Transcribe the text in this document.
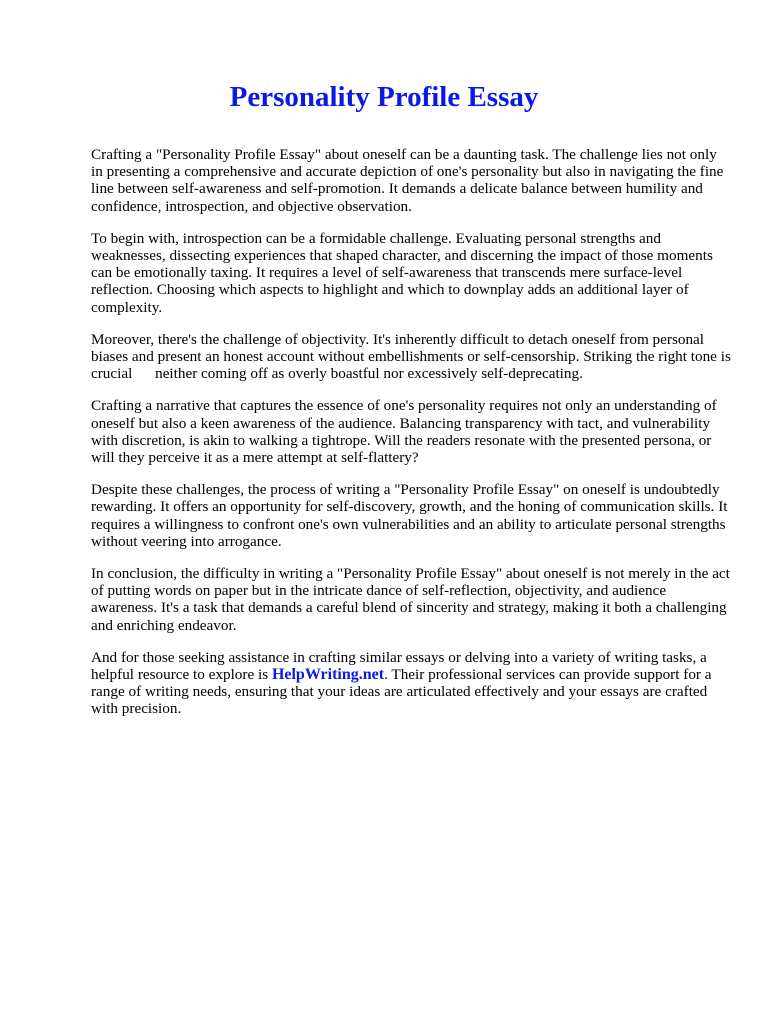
Personality Profile Essay

Crafting a "Personality Profile Essay" about oneself can be a daunting task. The challenge lies not only in presenting a comprehensive and accurate depiction of one's personality but also in navigating the fine line between self-awareness and self-promotion. It demands a delicate balance between humility and confidence, introspection, and objective observation.

To begin with, introspection can be a formidable challenge. Evaluating personal strengths and weaknesses, dissecting experiences that shaped character, and discerning the impact of those moments can be emotionally taxing. It requires a level of self-awareness that transcends mere surface-level reflection. Choosing which aspects to highlight and which to downplay adds an additional layer of complexity.

Moreover, there's the challenge of objectivity. It's inherently difficult to detach oneself from personal biases and present an honest account without embellishments or self-censorship. Striking the right tone is crucial      neither coming off as overly boastful nor excessively self-deprecating.

Crafting a narrative that captures the essence of one's personality requires not only an understanding of oneself but also a keen awareness of the audience. Balancing transparency with tact, and vulnerability with discretion, is akin to walking a tightrope. Will the readers resonate with the presented persona, or will they perceive it as a mere attempt at self-flattery?

Despite these challenges, the process of writing a "Personality Profile Essay" on oneself is undoubtedly rewarding. It offers an opportunity for self-discovery, growth, and the honing of communication skills. It requires a willingness to confront one's own vulnerabilities and an ability to articulate personal strengths without veering into arrogance.

In conclusion, the difficulty in writing a "Personality Profile Essay" about oneself is not merely in the act of putting words on paper but in the intricate dance of self-reflection, objectivity, and audience awareness. It's a task that demands a careful blend of sincerity and strategy, making it both a challenging and enriching endeavor.

And for those seeking assistance in crafting similar essays or delving into a variety of writing tasks, a helpful resource to explore is HelpWriting.net. Their professional services can provide support for a range of writing needs, ensuring that your ideas are articulated effectively and your essays are crafted with precision.
